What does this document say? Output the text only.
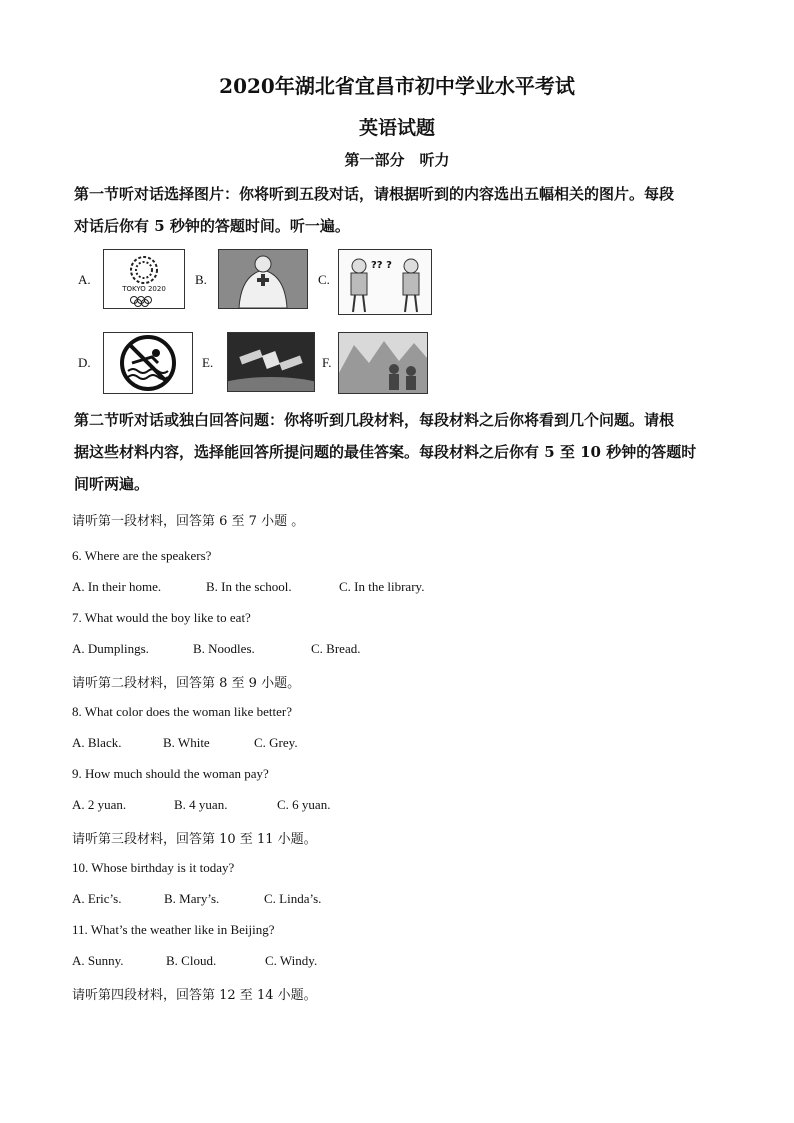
2020年湖北省宜昌市初中学业水平考试
英语试题
第一部分　听力
第一节听对话选择图片：你将听到五段对话，请根据听到的内容选出五幅相关的图片。每段
对话后你有 5 秒钟的答题时间。听一遍。
A.
TOKYO 2020
B.	C.
?? ?
D.	E.	F.
第二节听对话或独白回答问题：你将听到几段材料，每段材料之后你将看到几个问题。请根
据这些材料内容，选择能回答所提问题的最佳答案。每段材料之后你有 5 至 10 秒钟的答题时
间听两遍。
请听第一段材料，回答第 6 至 7 小题 。
6. Where are the speakers?
A. In their home.	B. In the school.	C. In the library.
7. What would the boy like to eat?
A. Dumplings.	B. Noodles.	C. Bread.
请听第二段材料，回答第 8 至 9 小题。
8. What color does the woman like better?
A. Black.	B. White	C. Grey.
9. How much should the woman pay?
A. 2 yuan.	B. 4 yuan.	C. 6 yuan.
请听第三段材料，回答第 10 至 11 小题。
10. Whose birthday is it today?
A. Eric’s.	B. Mary’s.	C. Linda’s.
11. What’s the weather like in Beijing?
A. Sunny.	B. Cloud.	C. Windy.
请听第四段材料，回答第 12 至 14 小题。
